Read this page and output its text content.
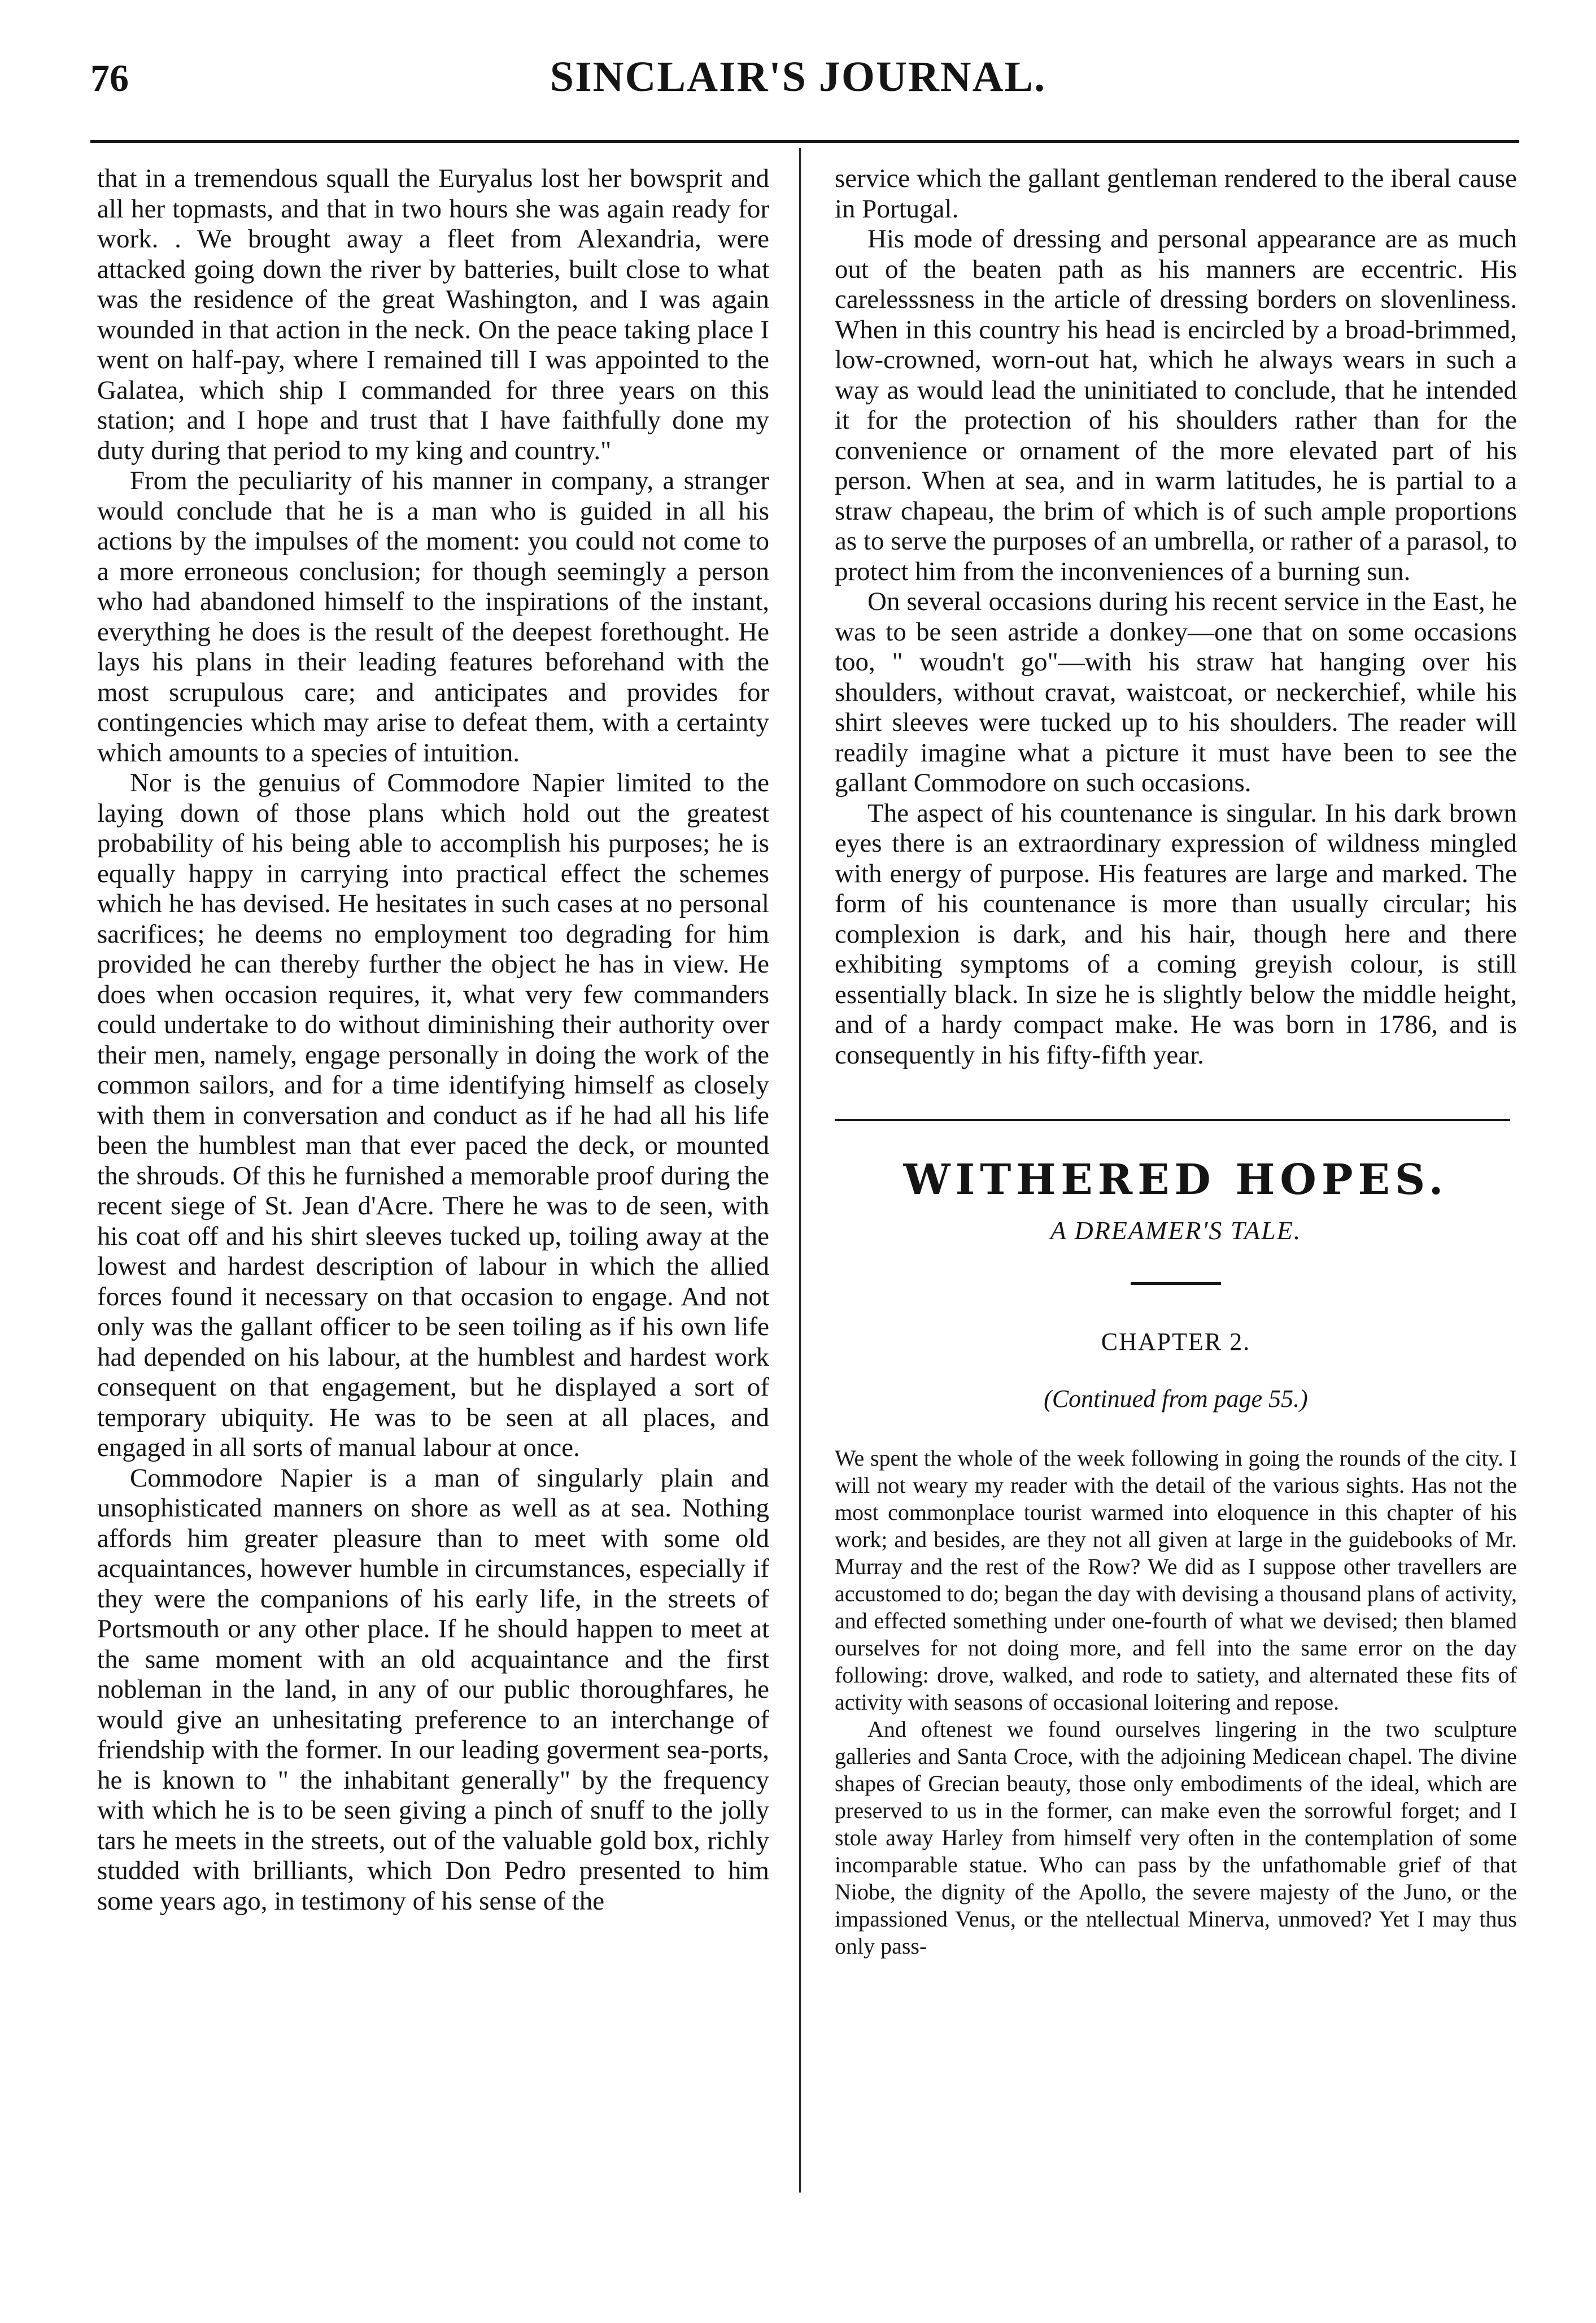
76	SINCLAIR'S JOURNAL.

that in a tremendous squall the Euryalus lost her bowsprit and all her topmasts, and that in two hours she was again ready for work. . We brought away a fleet from Alexandria, were attacked going down the river by batteries, built close to what was the residence of the great Washington, and I was again wounded in that action in the neck. On the peace taking place I went on half-pay, where I remained till I was appointed to the Galatea, which ship I commanded for three years on this station; and I hope and trust that I have faithfully done my duty during that period to my king and country."

From the peculiarity of his manner in company, a stranger would conclude that he is a man who is guided in all his actions by the impulses of the moment: you could not come to a more erroneous conclusion; for though seemingly a person who had abandoned himself to the inspirations of the instant, everything he does is the result of the deepest forethought. He lays his plans in their leading features beforehand with the most scrupulous care; and anticipates and provides for contingencies which may arise to defeat them, with a certainty which amounts to a species of intuition.

Nor is the genuius of Commodore Napier limited to the laying down of those plans which hold out the greatest probability of his being able to accomplish his purposes; he is equally happy in carrying into practical effect the schemes which he has devised. He hesitates in such cases at no personal sacrifices; he deems no employment too degrading for him provided he can thereby further the object he has in view. He does when occasion requires, it, what very few commanders could undertake to do without diminishing their authority over their men, namely, engage personally in doing the work of the common sailors, and for a time identifying himself as closely with them in conversation and conduct as if he had all his life been the humblest man that ever paced the deck, or mounted the shrouds. Of this he furnished a memorable proof during the recent siege of St. Jean d'Acre. There he was to de seen, with his coat off and his shirt sleeves tucked up, toiling away at the lowest and hardest description of labour in which the allied forces found it necessary on that occasion to engage. And not only was the gallant officer to be seen toiling as if his own life had depended on his labour, at the humblest and hardest work consequent on that engagement, but he displayed a sort of temporary ubiquity. He was to be seen at all places, and engaged in all sorts of manual labour at once.

Commodore Napier is a man of singularly plain and unsophisticated manners on shore as well as at sea. Nothing affords him greater pleasure than to meet with some old acquaintances, however humble in circumstances, especially if they were the companions of his early life, in the streets of Portsmouth or any other place. If he should happen to meet at the same moment with an old acquaintance and the first nobleman in the land, in any of our public thoroughfares, he would give an unhesitating preference to an interchange of friendship with the former. In our leading goverment sea-ports, he is known to " the inhabitant generally" by the frequency with which he is to be seen giving a pinch of snuff to the jolly tars he meets in the streets, out of the valuable gold box, richly studded with brilliants, which Don Pedro presented to him some years ago, in testimony of his sense of the

service which the gallant gentleman rendered to the iberal cause in Portugal.

His mode of dressing and personal appearance are as much out of the beaten path as his manners are eccentric. His carelesssness in the article of dressing borders on slovenliness. When in this country his head is encircled by a broad-brimmed, low-crowned, worn-out hat, which he always wears in such a way as would lead the uninitiated to conclude, that he intended it for the protection of his shoulders rather than for the convenience or ornament of the more elevated part of his person. When at sea, and in warm latitudes, he is partial to a straw chapeau, the brim of which is of such ample proportions as to serve the purposes of an umbrella, or rather of a parasol, to protect him from the inconveniences of a burning sun.

On several occasions during his recent service in the East, he was to be seen astride a donkey—one that on some occasions too, " woudn't go"—with his straw hat hanging over his shoulders, without cravat, waistcoat, or neckerchief, while his shirt sleeves were tucked up to his shoulders. The reader will readily imagine what a picture it must have been to see the gallant Commodore on such occasions.

The aspect of his countenance is singular. In his dark brown eyes there is an extraordinary expression of wildness mingled with energy of purpose. His features are large and marked. The form of his countenance is more than usually circular; his complexion is dark, and his hair, though here and there exhibiting symptoms of a coming greyish colour, is still essentially black. In size he is slightly below the middle height, and of a hardy compact make. He was born in 1786, and is consequently in his fifty-fifth year.

WITHERED HOPES.
A DREAMER'S TALE.
CHAPTER 2.
(Continued from page 55.)

We spent the whole of the week following in going the rounds of the city. I will not weary my reader with the detail of the various sights. Has not the most commonplace tourist warmed into eloquence in this chapter of his work; and besides, are they not all given at large in the guidebooks of Mr. Murray and the rest of the Row? We did as I suppose other travellers are accustomed to do; began the day with devising a thousand plans of activity, and effected something under one-fourth of what we devised; then blamed ourselves for not doing more, and fell into the same error on the day following: drove, walked, and rode to satiety, and alternated these fits of activity with seasons of occasional loitering and repose.

And oftenest we found ourselves lingering in the two sculpture galleries and Santa Croce, with the adjoining Medicean chapel. The divine shapes of Grecian beauty, those only embodiments of the ideal, which are preserved to us in the former, can make even the sorrowful forget; and I stole away Harley from himself very often in the contemplation of some incomparable statue. Who can pass by the unfathomable grief of that Niobe, the dignity of the Apollo, the severe majesty of the Juno, or the impassioned Venus, or the ntellectual Minerva, unmoved? Yet I may thus only pass-
